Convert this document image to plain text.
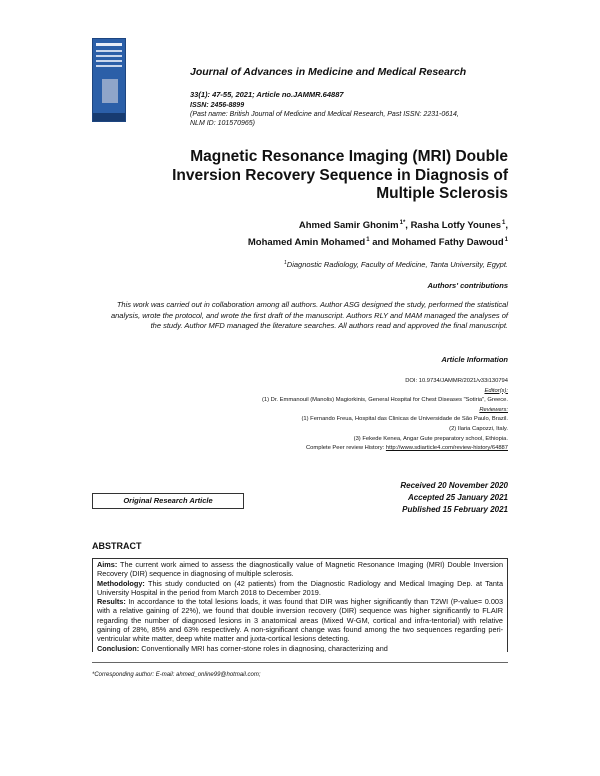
Journal of Advances in Medicine and Medical Research
33(1): 47-55, 2021; Article no.JAMMR.64887
ISSN: 2456-8899
(Past name: British Journal of Medicine and Medical Research, Past ISSN: 2231-0614,
NLM ID: 101570965)
Magnetic Resonance Imaging (MRI) Double
Inversion Recovery Sequence in Diagnosis of
Multiple Sclerosis
Ahmed Samir Ghonim$^{1*}$, Rasha Lotfy Younes$^1$,
Mohamed Amin Mohamed$^1$ and Mohamed Fathy Dawoud$^1$
$^1$Diagnostic Radiology, Faculty of Medicine, Tanta University, Egypt.
Authors' contributions
This work was carried out in collaboration among all authors. Author ASG designed the study, performed the statistical analysis, wrote the protocol, and wrote the first draft of the manuscript. Authors RLY and MAM managed the analyses of the study. Author MFD managed the literature searches. All authors read and approved the final manuscript.
Article Information
DOI: 10.9734/JAMMR/2021/v33i130794
Editor(s):
(1) Dr. Emmanouil (Manolis) Magiorkinis, General Hospital for Chest Diseases "Sotiria", Greece.
Reviewers:
(1) Fernando Freua, Hospital das Clinicas de Universidade de São Paulo, Brazil.
(2) Ilaria Capozzi, Italy.
(3) Fekede Kenea, Angar Gute preparatory school, Ethiopia.
Complete Peer review History: http://www.sdiarticle4.com/review-history/64887
Original Research Article
Received 20 November 2020
Accepted 25 January 2021
Published 15 February 2021
ABSTRACT

Aims: The current work aimed to assess the diagnostically value of Magnetic Resonance Imaging (MRI) Double Inversion Recovery (DIR) sequence in diagnosing of multiple sclerosis.

Methodology: This study conducted on (42 patients) from the Diagnostic Radiology and Medical Imaging Dep. at Tanta University Hospital in the period from March 2018 to December 2019.

Results: In accordance to the total lesions loads, it was found that DIR was higher significantly than T2WI (P-value= 0.003 with a relative gaining of 22%), we found that double inversion recovery (DIR) sequence was higher significantly to FLAIR regarding the number of diagnosed lesions in 3 anatomical areas (Mixed W-GM, cortical and infra-tentorial) with relative gaining of 28%, 85% and 63% respectively. A non-significant change was found among the two sequences regarding peri-ventricular white matter, deep white matter and juxta-cortical lesions detecting.

Conclusion: Conventionally MRI has corner-stone roles in diagnosing, characterizing and

*Corresponding author: E-mail: ahmed_online99@hotmail.com;
